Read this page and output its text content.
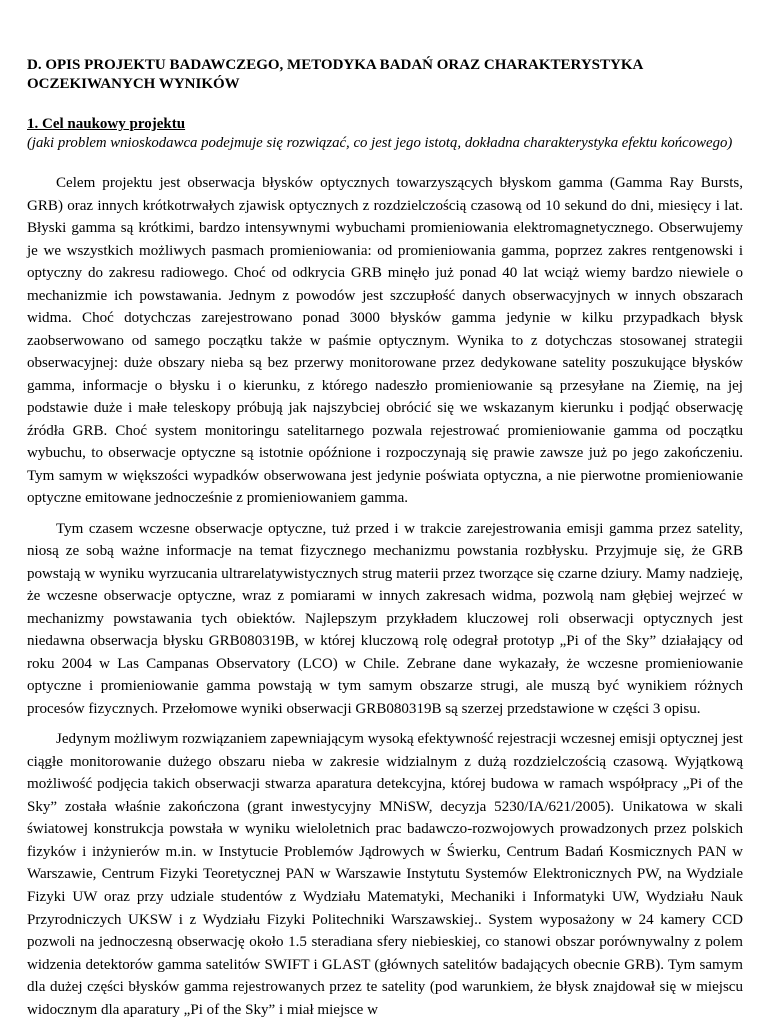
D. OPIS PROJEKTU BADAWCZEGO, METODYKA BADAŃ ORAZ CHARAKTERYSTYKA OCZEKIWANYCH WYNIKÓW
1. Cel naukowy projektu
(jaki problem wnioskodawca podejmuje się rozwiązać, co jest jego istotą, dokładna charakterystyka efektu końcowego)

Celem projektu jest obserwacja błysków optycznych towarzyszących błyskom gamma (Gamma Ray Bursts, GRB) oraz innych krótkotrwałych zjawisk optycznych z rozdzielczością czasową od 10 sekund do dni, miesięcy i lat. Błyski gamma są krótkimi, bardzo intensywnymi wybuchami promieniowania elektromagnetycznego. Obserwujemy je we wszystkich możliwych pasmach promieniowania: od promieniowania gamma, poprzez zakres rentgenowski i optyczny do zakresu radiowego. Choć od odkrycia GRB minęło już ponad 40 lat wciąż wiemy bardzo niewiele o mechanizmie ich powstawania. Jednym z powodów jest szczupłość danych obserwacyjnych w innych obszarach widma. Choć dotychczas zarejestrowano ponad 3000 błysków gamma jedynie w kilku przypadkach błysk zaobserwowano od samego początku także w paśmie optycznym. Wynika to z dotychczas stosowanej strategii obserwacyjnej: duże obszary nieba są bez przerwy monitorowane przez dedykowane satelity poszukujące błysków gamma, informacje o błysku i o kierunku, z którego nadeszło promieniowanie są przesyłane na Ziemię, na jej podstawie duże i małe teleskopy próbują jak najszybciej obrócić się we wskazanym kierunku i podjąć obserwację źródła GRB. Choć system monitoringu satelitarnego pozwala rejestrować promieniowanie gamma od początku wybuchu, to obserwacje optyczne są istotnie opóźnione i rozpoczynają się prawie zawsze już po jego zakończeniu. Tym samym w większości wypadków obserwowana jest jedynie poświata optyczna, a nie pierwotne promieniowanie optyczne emitowane jednocześnie z promieniowaniem gamma.

Tym czasem wczesne obserwacje optyczne, tuż przed i w trakcie zarejestrowania emisji gamma przez satelity, niosą ze sobą ważne informacje na temat fizycznego mechanizmu powstania rozbłysku. Przyjmuje się, że GRB powstają w wyniku wyrzucania ultrarelatywistycznych strug materii przez tworzące się czarne dziury. Mamy nadzieję, że wczesne obserwacje optyczne, wraz z pomiarami w innych zakresach widma, pozwolą nam głębiej wejrzeć w mechanizmy powstawania tych obiektów. Najlepszym przykładem kluczowej roli obserwacji optycznych jest niedawna obserwacja błysku GRB080319B, w której kluczową rolę odegrał prototyp „Pi of the Sky” działający od roku 2004 w Las Campanas Observatory (LCO) w Chile. Zebrane dane wykazały, że wczesne promieniowanie optyczne i promieniowanie gamma powstają w tym samym obszarze strugi, ale muszą być wynikiem różnych procesów fizycznych. Przełomowe wyniki obserwacji GRB080319B są szerzej przedstawione w części 3 opisu.

Jedynym możliwym rozwiązaniem zapewniającym wysoką efektywność rejestracji wczesnej emisji optycznej jest ciągłe monitorowanie dużego obszaru nieba w zakresie widzialnym z dużą rozdzielczością czasową. Wyjątkową możliwość podjęcia takich obserwacji stwarza aparatura detekcyjna, której budowa w ramach współpracy „Pi of the Sky” została właśnie zakończona (grant inwestycyjny MNiSW, decyzja 5230/IA/621/2005). Unikatowa w skali światowej konstrukcja powstała w wyniku wieloletnich prac badawczo-rozwojowych prowadzonych przez polskich fizyków i inżynierów m.in. w Instytucie Problemów Jądrowych w Świerku, Centrum Badań Kosmicznych PAN w Warszawie, Centrum Fizyki Teoretycznej PAN w Warszawie Instytutu Systemów Elektronicznych PW, na Wydziale Fizyki UW oraz przy udziale studentów z Wydziału Matematyki, Mechaniki i Informatyki UW, Wydziału Nauk Przyrodniczych UKSW i z Wydziału Fizyki Politechniki Warszawskiej.. System wyposażony w 24 kamery CCD pozwoli na jednoczesną obserwację około 1.5 steradiana sfery niebieskiej, co stanowi obszar porównywalny z polem widzenia detektorów gamma satelitów SWIFT i GLAST (głównych satelitów badających obecnie GRB). Tym samym dla dużej części błysków gamma rejestrowanych przez te satelity (pod warunkiem, że błysk znajdował się w miejscu widocznym dla aparatury „Pi of the Sky” i miał miejsce w
